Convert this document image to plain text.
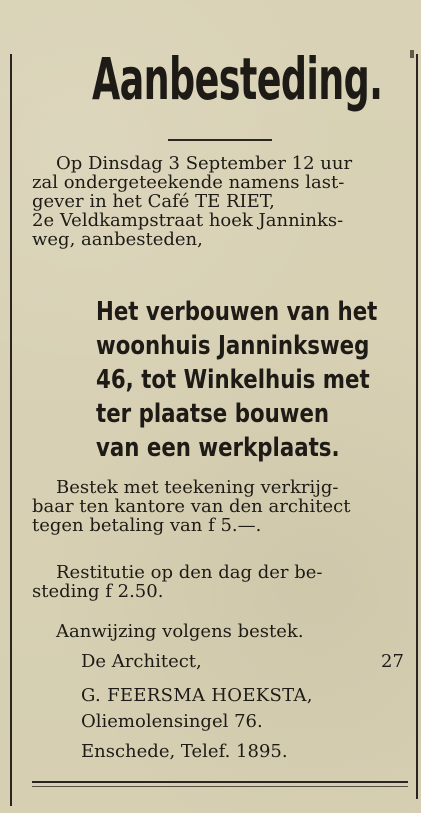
Aanbesteding.
Op Dinsdag 3 September 12 uur
zal ondergeteekende namens last-
gever in het Café TE RIET,
2e Veldkampstraat hoek Janninks-
weg, aanbesteden,
Het verbouwen van het
woonhuis Janninksweg
46, tot Winkelhuis met
ter plaatse bouwen
van een werkplaats.
Bestek met teekening verkrijg-
baar ten kantore van den architect
tegen betaling van f 5.—.
Restitutie op den dag der be-
steding f 2.50.
Aanwijzing volgens bestek.
De Architect,	27
G. FEERSMA HOEKSTA,
Oliemolensingel 76.
Enschede, Telef. 1895.
